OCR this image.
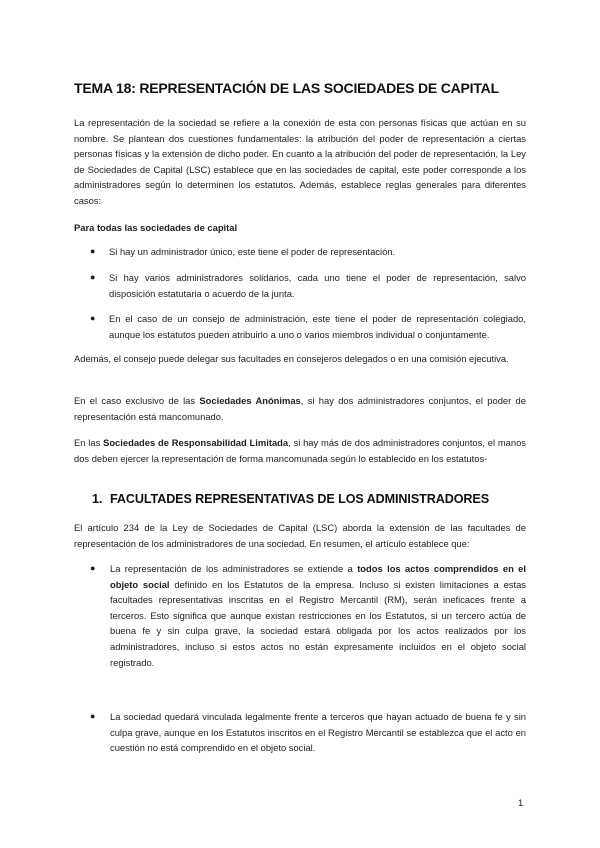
TEMA 18: REPRESENTACIÓN DE LAS SOCIEDADES DE CAPITAL

La representación de la sociedad se refiere a la conexión de esta con personas físicas que actúan en su nombre. Se plantean dos cuestiones fundamentales: la atribución del poder de representación a ciertas personas físicas y la extensión de dicho poder. En cuanto a la atribución del poder de representación, la Ley de Sociedades de Capital (LSC) establece que en las sociedades de capital, este poder corresponde a los administradores según lo determinen los estatutos. Además, establece reglas generales para diferentes casos:

Para todas las sociedades de capital
●	Si hay un administrador único, este tiene el poder de representación.
●	Si hay varios administradores solidarios, cada uno tiene el poder de representación, salvo disposición estatutaria o acuerdo de la junta.
●	En el caso de un consejo de administración, este tiene el poder de representación colegiado, aunque los estatutos pueden atribuirlo a uno o varios miembros individual o conjuntamente.

Además, el consejo puede delegar sus facultades en consejeros delegados o en una comisión ejecutiva.

En el caso exclusivo de las Sociedades Anónimas, si hay dos administradores conjuntos, el poder de representación está mancomunado.

En las Sociedades de Responsabilidad Limitada, si hay más de dos administradores conjuntos, el manos dos deben ejercer la representación de forma mancomunada según lo establecido en los estatutos-

1. FACULTADES REPRESENTATIVAS DE LOS ADMINISTRADORES

El artículo 234 de la Ley de Sociedades de Capital (LSC) aborda la extensión de las facultades de representación de los administradores de una sociedad. En resumen, el artículo establece que:

●	La representación de los administradores se extiende a todos los actos comprendidos en el objeto social definido en los Estatutos de la empresa. Incluso si existen limitaciones a estas facultades representativas inscritas en el Registro Mercantil (RM), serán ineficaces frente a terceros. Esto significa que aunque existan restricciones en los Estatutos, si un tercero actúa de buena fe y sin culpa grave, la sociedad estará obligada por los actos realizados por los administradores, incluso si estos actos no están expresamente incluidos en el objeto social registrado.
●	La sociedad quedará vinculada legalmente frente a terceros que hayan actuado de buena fe y sin culpa grave, aunque en los Estatutos inscritos en el Registro Mercantil se establezca que el acto en cuestión no está comprendido en el objeto social.
1
